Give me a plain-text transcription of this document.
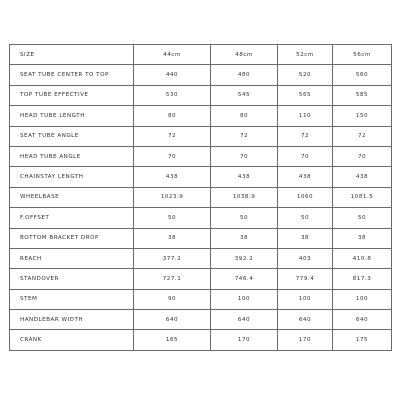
SIZE	44cm	48cm	52cm	56cm
SEAT TUBE CENTER TO TOP	440	480	520	560
TOP TUBE EFFECTIVE	530	545	565	585
HEAD TUBE LENGTH	80	80	110	150
SEAT TUBE ANGLE	72	72	72	72
HEAD TUBE ANGLE	70	70	70	70
CHAINSTAY LENGTH	438	438	438	438
WHEELBASE	1023.9	1038.9	1060	1081.5
F.OFFSET	50	50	50	50
BOTTOM BRACKET DROP	38	38	38	38
REACH	377.2	392.2	403	410.8
STANDOVER	727.1	746.4	779.4	817.3
STEM	90	100	100	100
HANDLEBAR WIDTH	640	640	640	640
CRANK	165	170	170	175
